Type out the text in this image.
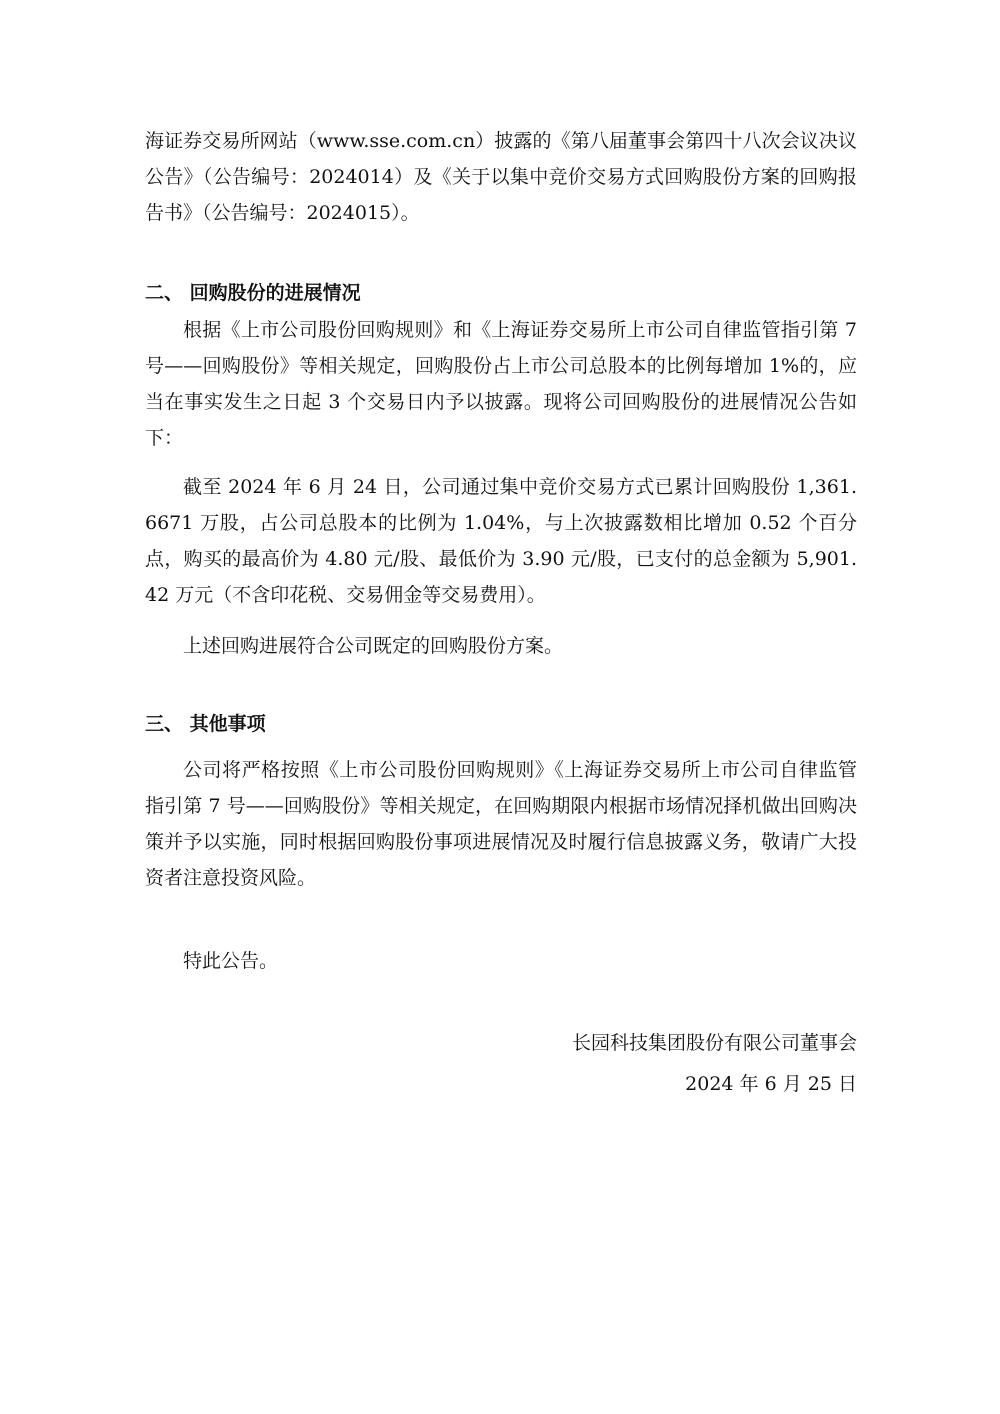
海证券交易所网站（www.sse.com.cn）披露的《第八届董事会第四十八次会议决议公告》（公告编号：2024014）及《关于以集中竞价交易方式回购股份方案的回购报告书》（公告编号：2024015）。

二、 回购股份的进展情况

根据《上市公司股份回购规则》和《上海证券交易所上市公司自律监管指引第 7 号——回购股份》等相关规定，回购股份占上市公司总股本的比例每增加 1%的，应当在事实发生之日起 3 个交易日内予以披露。现将公司回购股份的进展情况公告如下：

截至 2024 年 6 月 24 日，公司通过集中竞价交易方式已累计回购股份 1,361.6671 万股，占公司总股本的比例为 1.04%，与上次披露数相比增加 0.52 个百分点，购买的最高价为 4.80 元/股、最低价为 3.90 元/股，已支付的总金额为 5,901.42 万元（不含印花税、交易佣金等交易费用）。

上述回购进展符合公司既定的回购股份方案。

三、 其他事项

公司将严格按照《上市公司股份回购规则》《上海证券交易所上市公司自律监管指引第 7 号——回购股份》等相关规定，在回购期限内根据市场情况择机做出回购决策并予以实施，同时根据回购股份事项进展情况及时履行信息披露义务，敬请广大投资者注意投资风险。

特此公告。

长园科技集团股份有限公司董事会

2024 年 6 月 25 日
